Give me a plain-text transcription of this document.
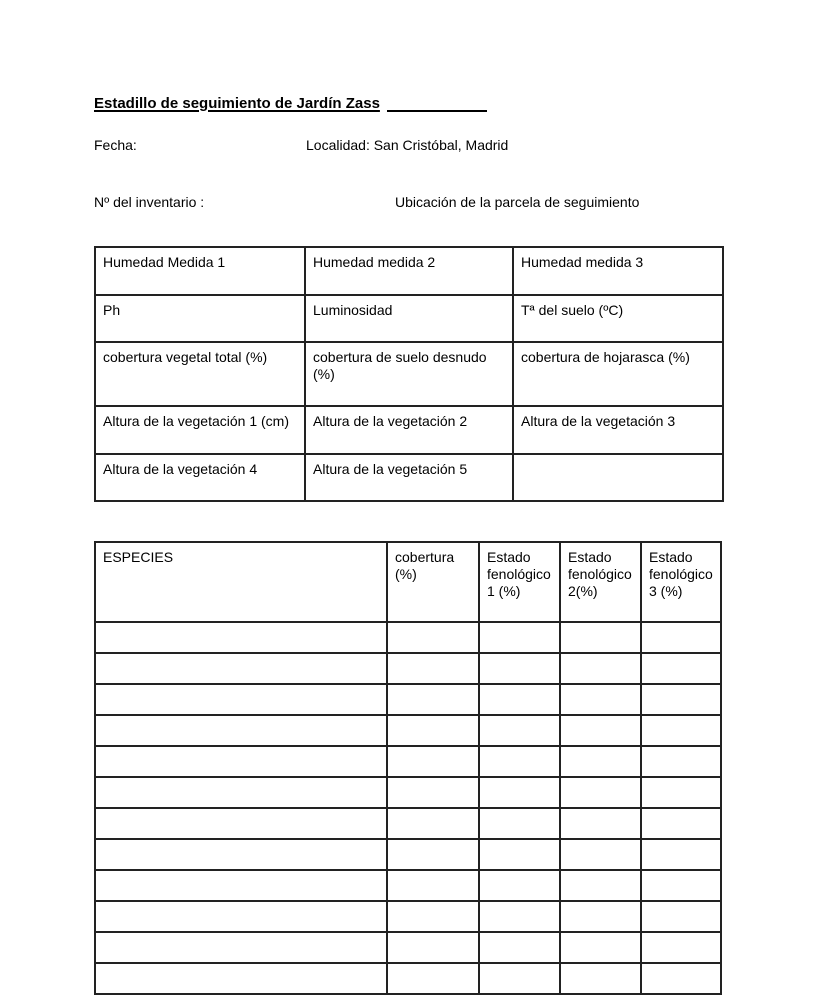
Estadillo de seguimiento de Jardín Zass
Fecha:	Localidad: San Cristóbal, Madrid
Nº del inventario :	Ubicación de la parcela de seguimiento
Humedad Medida 1	Humedad medida 2	Humedad medida 3
Ph	Luminosidad	Tª del suelo (ºC)
cobertura vegetal total (%)	cobertura de suelo desnudo (%)	cobertura de hojarasca (%)
Altura de la vegetación 1 (cm)	Altura de la vegetación 2	Altura de la vegetación 3
Altura de la vegetación 4	Altura de la vegetación 5	
ESPECIES	cobertura (%)	Estado fenológico 1 (%)	Estado fenológico 2(%)	Estado fenológico 3 (%)
